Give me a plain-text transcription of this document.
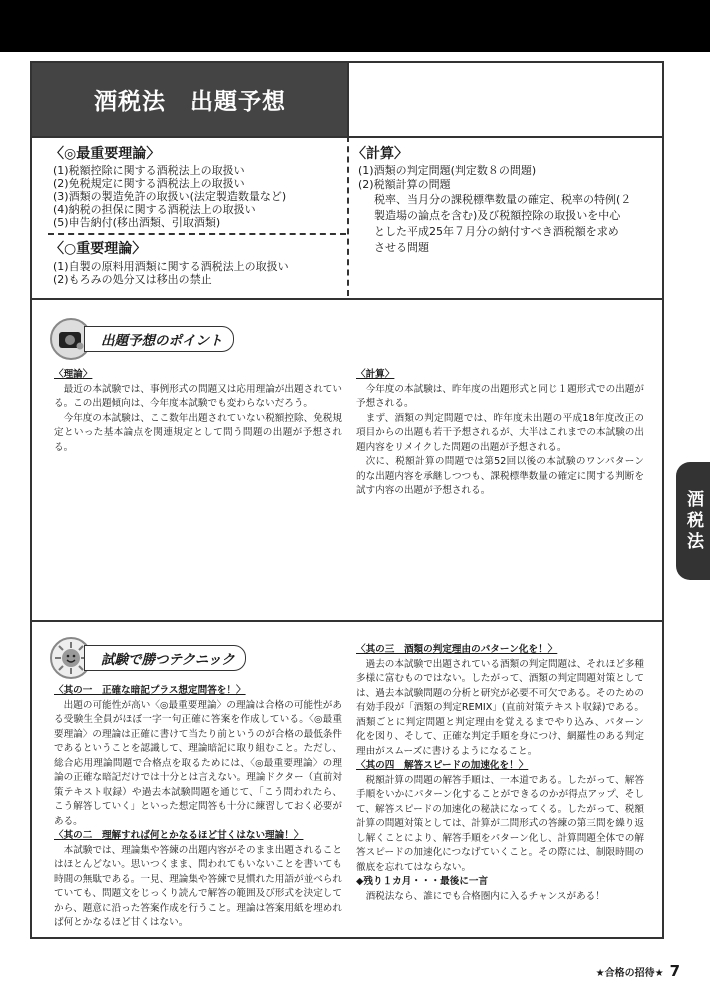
酒税法　出題予想
〈◎最重要理論〉
(1)税額控除に関する酒税法上の取扱い
(2)免税規定に関する酒税法上の取扱い
(3)酒類の製造免許の取扱い(法定製造数量など)
(4)納税の担保に関する酒税法上の取扱い
(5)申告納付(移出酒類、引取酒類)
〈○重要理論〉
(1)自製の原料用酒類に関する酒税法上の取扱い
(2)もろみの処分又は移出の禁止
〈計算〉
(1)酒類の判定問題(判定数８の問題)
(2)税額計算の問題
税率、当月分の課税標準数量の確定、税率の特例(２
製造場の論点を含む)及び税額控除の取扱いを中心
とした平成25年７月分の納付すべき酒税額を求め
させる問題
出題予想のポイント
〈理論〉
最近の本試験では、事例形式の問題又は応用理論が出題されている。この出題傾向は、今年度本試験でも変わらないだろう。
今年度の本試験は、ここ数年出題されていない税額控除、免税規定といった基本論点を関連規定として問う問題の出題が予想される。
〈計算〉
今年度の本試験は、昨年度の出題形式と同じ１題形式での出題が予想される。
まず、酒類の判定問題では、昨年度未出題の平成18年度改正の項目からの出題も若干予想されるが、大半はこれまでの本試験の出題内容をリメイクした問題の出題が予想される。
次に、税額計算の問題では第52回以後の本試験のワンパターン的な出題内容を承継しつつも、課税標準数量の確定に関する判断を試す内容の出題が予想される。
試験で勝つテクニック
〈其の一　正確な暗記プラス想定問答を！〉
出題の可能性が高い〈◎最重要理論〉の理論は合格の可能性がある受験生全員がほぼ一字一句正確に答案を作成している。〈◎最重要理論〉の理論は正確に書けて当たり前というのが合格の最低条件であるということを認識して、理論暗記に取り組むこと。ただし、総合応用理論問題で合格点を取るためには、〈◎最重要理論〉の理論の正確な暗記だけでは十分とは言えない。理論ドクター（直前対策テキスト収録）や過去本試験問題を通じて、「こう問われたら、こう解答していく」といった想定問答も十分に練習しておく必要がある。
〈其の二　理解すれば何とかなるほど甘くはない理論！〉
本試験では、理論集や答練の出題内容がそのまま出題されることはほとんどない。思いつくまま、問われてもいないことを書いても時間の無駄である。一見、理論集や答練で見慣れた用語が並べられていても、問題文をじっくり読んで解答の範囲及び形式を決定してから、題意に沿った答案作成を行うこと。理論は答案用紙を埋めれば何とかなるほど甘くはない。
〈其の三　酒類の判定理由のパターン化を！〉
過去の本試験で出題されている酒類の判定問題は、それほど多種多様に富むものではない。したがって、酒類の判定問題対策としては、過去本試験問題の分析と研究が必要不可欠である。そのための有効手段が「酒類の判定REMIX」(直前対策テキスト収録)である。酒類ごとに判定問題と判定理由を覚えるまでやり込み、パターン化を図り、そして、正確な判定手順を身につけ、網羅性のある判定理由がスムーズに書けるようになること。
〈其の四　解答スピードの加速化を！〉
税額計算の問題の解答手順は、一本道である。したがって、解答手順をいかにパターン化することができるのかが得点アップ、そして、解答スピードの加速化の秘訣になってくる。したがって、税額計算の問題対策としては、計算が二問形式の答練の第三問を繰り返し解くことにより、解答手順をパターン化し、計算問題全体での解答スピードの加速化につなげていくこと。その際には、制限時間の徹底を忘れてはならない。
◆残り１カ月・・・最後に一言
酒税法なら、誰にでも合格圏内に入るチャンスがある！
酒税法
★合格の招待★ 7
